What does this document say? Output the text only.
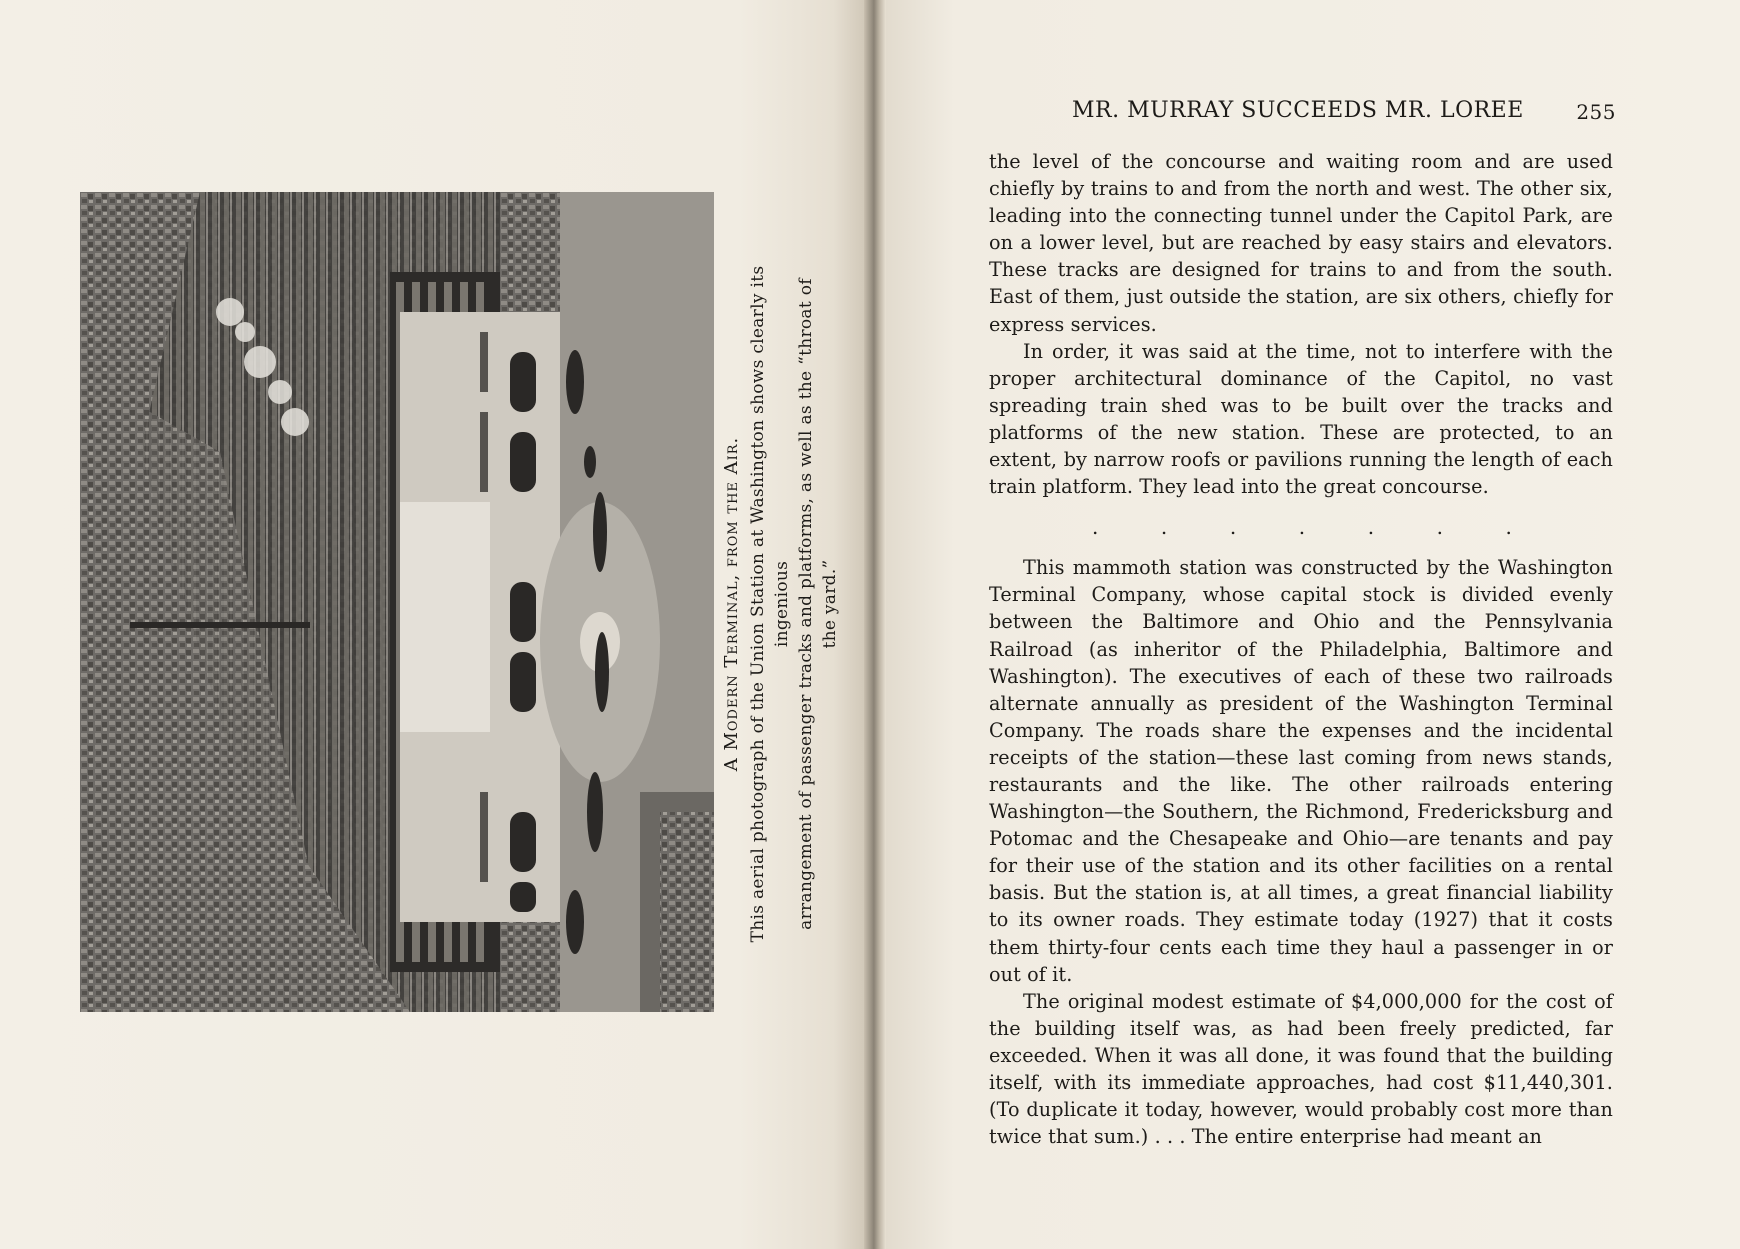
A Modern Terminal, from the Air. This aerial photograph of the Union Station at Washington shows clearly its ingenious arrangement of passenger tracks and platforms, as well as the “throat of the yard.”
MR. MURRAY SUCCEEDS MR. LOREE	255

the level of the concourse and waiting room and are used chiefly by trains to and from the north and west. The other six, leading into the connecting tunnel under the Capitol Park, are on a lower level, but are reached by easy stairs and elevators. These tracks are designed for trains to and from the south. East of them, just outside the station, are six others, chiefly for express services.

In order, it was said at the time, not to interfere with the proper architectural dominance of the Capitol, no vast spreading train shed was to be built over the tracks and platforms of the new station. These are protected, to an extent, by narrow roofs or pavilions running the length of each train platform. They lead into the great concourse.

.	.	.	.	.	.	.

This mammoth station was constructed by the Washington Terminal Company, whose capital stock is divided evenly between the Baltimore and Ohio and the Pennsylvania Railroad (as inheritor of the Philadelphia, Baltimore and Washington). The executives of each of these two railroads alternate annually as president of the Washington Terminal Company. The roads share the expenses and the incidental receipts of the station—these last coming from news stands, restaurants and the like. The other railroads entering Washington—the Southern, the Richmond, Fredericksburg and Potomac and the Chesapeake and Ohio—are tenants and pay for their use of the station and its other facilities on a rental basis. But the station is, at all times, a great financial liability to its owner roads. They estimate today (1927) that it costs them thirty-four cents each time they haul a passenger in or out of it.

The original modest estimate of $4,000,000 for the cost of the building itself was, as had been freely predicted, far exceeded. When it was all done, it was found that the building itself, with its immediate approaches, had cost $11,440,301. (To duplicate it today, however, would probably cost more than twice that sum.) . . . The entire enterprise had meant an
